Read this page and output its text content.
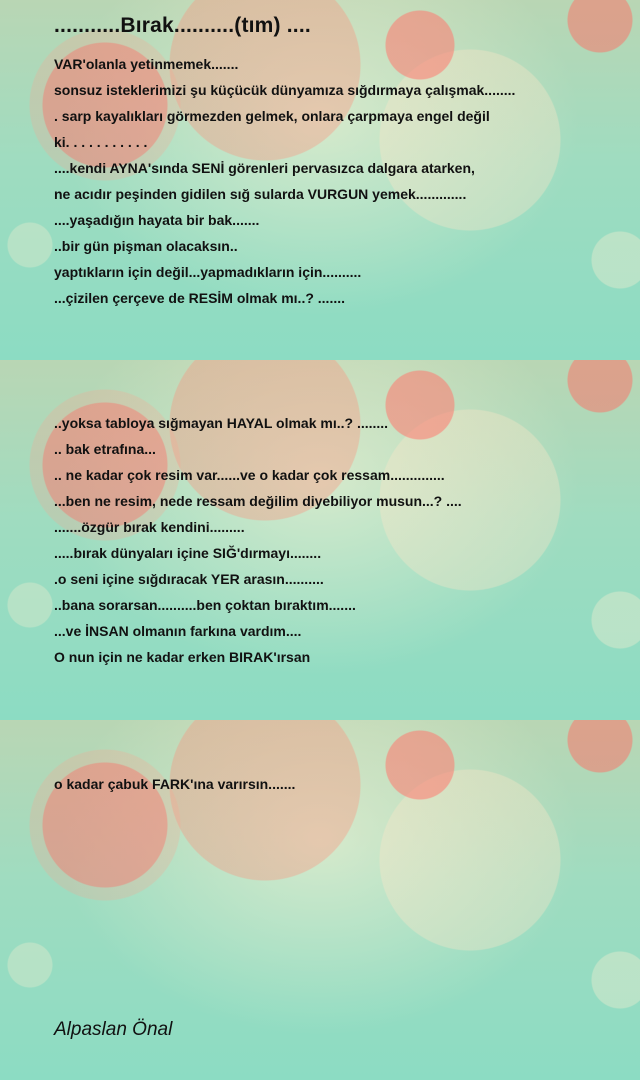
...........Bırak..........(tım) ....
VAR'olanla yetinmemek.......
sonsuz isteklerimizi şu küçücük dünyamıza sığdırmaya çalışmak........
. sarp kayalıkları görmezden gelmek, onlara çarpmaya engel değil
ki. . . . . . . . . . .
....kendi AYNA'sında SENİ görenleri pervasızca dalgara atarken,
ne acıdır peşinden gidilen sığ sularda VURGUN yemek.............
....yaşadığın hayata bir bak.......
..bir gün pişman olacaksın..
yaptıkların için değil...yapmadıkların için..........
...çizilen çerçeve de RESİM olmak mı..? .......
..yoksa tabloya sığmayan HAYAL olmak mı..? ........
.. bak etrafına...
.. ne kadar çok resim var......ve o kadar çok ressam..............
...ben ne resim, nede ressam değilim diyebiliyor musun...? ....
.......özgür bırak kendini.........
.....bırak dünyaları içine SIĞ'dırmayı........
.o seni içine sığdıracak YER arasın..........
..bana sorarsan..........ben çoktan bıraktım.......
...ve İNSAN olmanın farkına vardım....
O nun için ne kadar erken BIRAK'ırsan
o kadar çabuk FARK'ına varırsın.......
Alpaslan Önal
